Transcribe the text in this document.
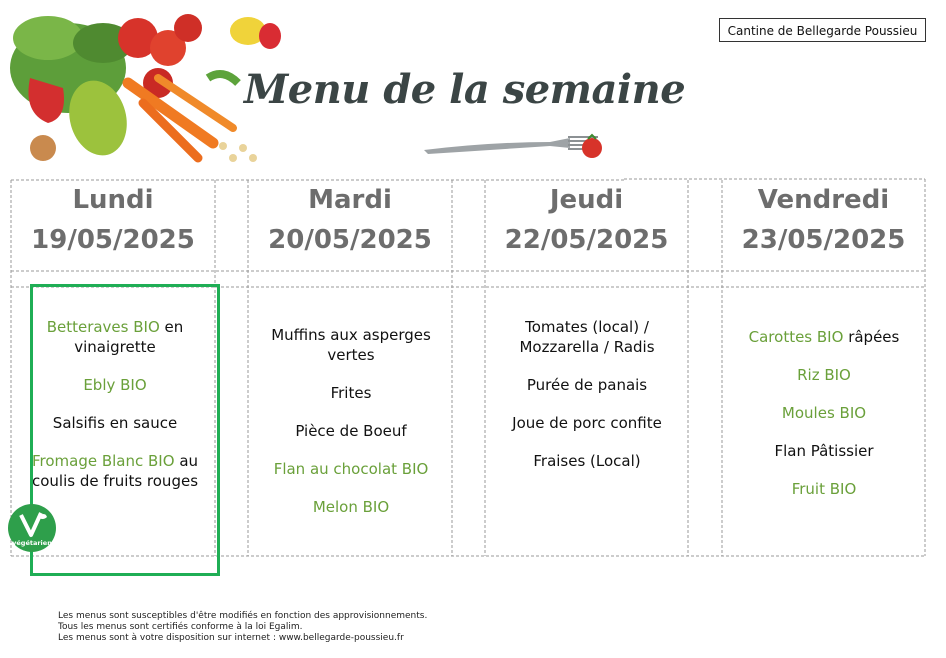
Menu de la semaine
Cantine de Bellegarde Poussieu
Lundi
19/05/2025
Mardi
20/05/2025
Jeudi
22/05/2025
Vendredi
23/05/2025
Betteraves BIO en vinaigrette
Ebly BIO
Salsifis en sauce
Fromage Blanc BIO au coulis de fruits rouges
Muffins aux asperges vertes
Frites
Pièce de Boeuf
Flan au chocolat BIO
Melon BIO
Tomates (local) / Mozzarella / Radis
Purée de panais
Joue de porc confite
Fraises (Local)
Carottes BIO râpées
Riz BIO
Moules BIO
Flan Pâtissier
Fruit BIO
végétarien
Les menus sont susceptibles d'être modifiés en fonction des approvisionnements.
Tous les menus sont certifiés conforme à la loi Egalim.
Les menus sont à votre disposition sur internet : www.bellegarde-poussieu.fr
